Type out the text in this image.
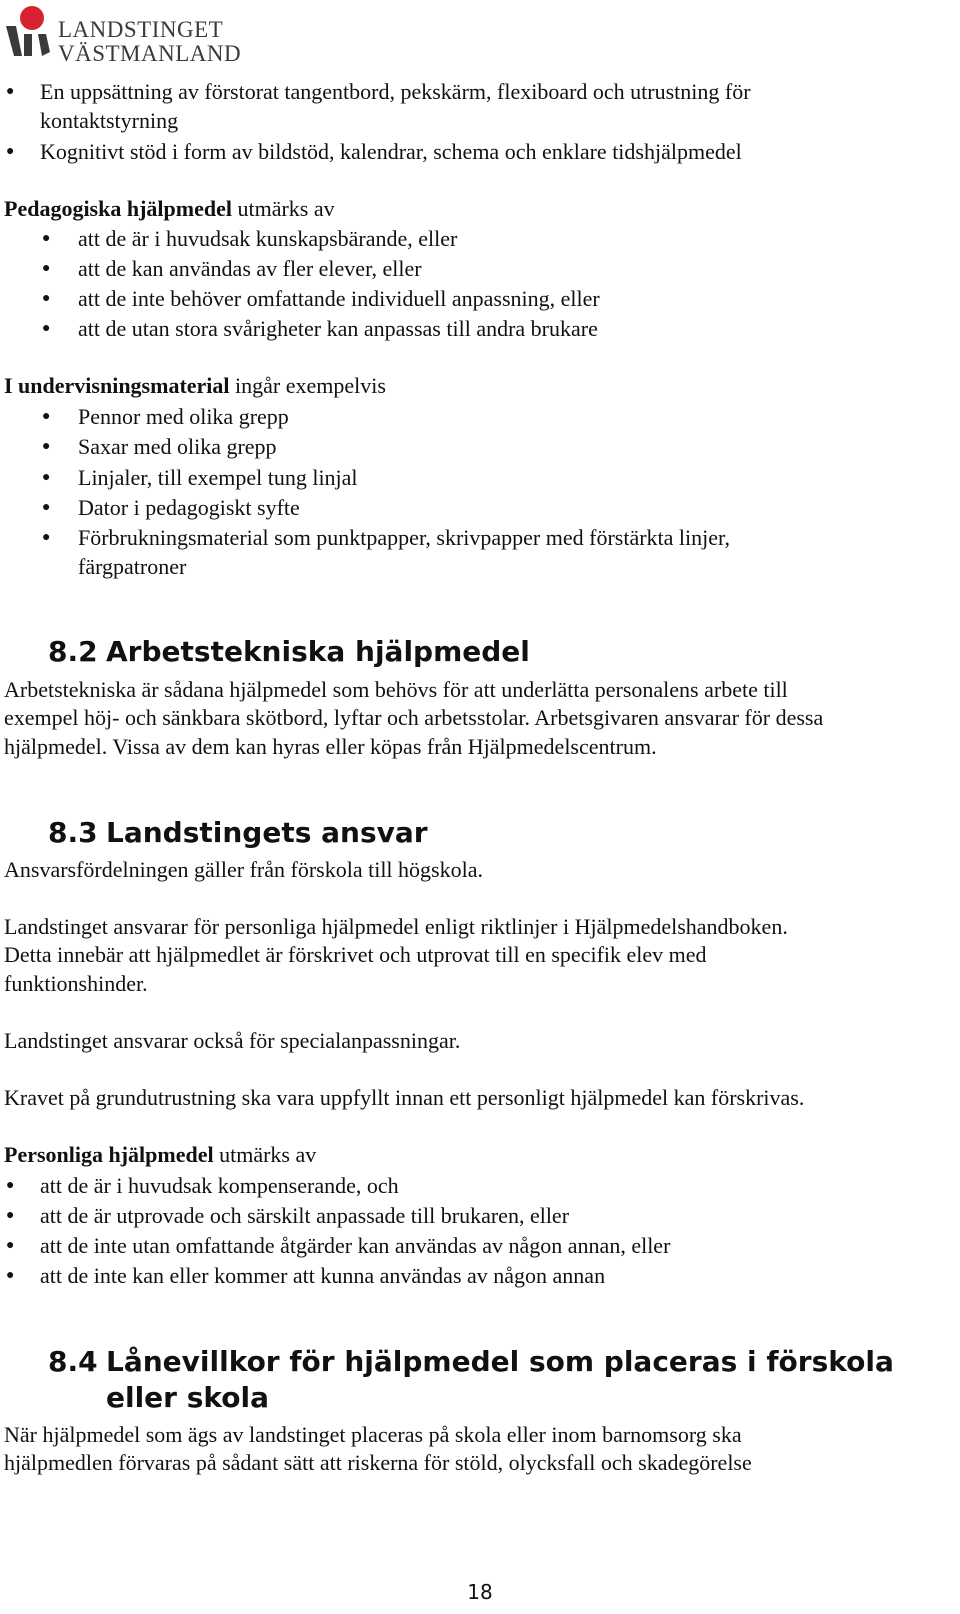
LANDSTINGET
VÄSTMANLAND
● En uppsättning av förstorat tangentbord, pekskärm, flexiboard och utrustning för
kontaktstyrning
● Kognitivt stöd i form av bildstöd, kalendrar, schema och enklare tidshjälpmedel
Pedagogiska hjälpmedel utmärks av
● att de är i huvudsak kunskapsbärande, eller
● att de kan användas av fler elever, eller
● att de inte behöver omfattande individuell anpassning, eller
● att de utan stora svårigheter kan anpassas till andra brukare
I undervisningsmaterial ingår exempelvis
● Pennor med olika grepp
● Saxar med olika grepp
● Linjaler, till exempel tung linjal
● Dator i pedagogiskt syfte
● Förbrukningsmaterial som punktpapper, skrivpapper med förstärkta linjer,
färgpatroner
8.2 Arbetstekniska hjälpmedel
Arbetstekniska är sådana hjälpmedel som behövs för att underlätta personalens arbete till
exempel höj- och sänkbara skötbord, lyftar och arbetsstolar. Arbetsgivaren ansvarar för dessa
hjälpmedel. Vissa av dem kan hyras eller köpas från Hjälpmedelscentrum.
8.3 Landstingets ansvar
Ansvarsfördelningen gäller från förskola till högskola.
Landstinget ansvarar för personliga hjälpmedel enligt riktlinjer i Hjälpmedelshandboken.
Detta innebär att hjälpmedlet är förskrivet och utprovat till en specifik elev med
funktionshinder.
Landstinget ansvarar också för specialanpassningar.
Kravet på grundutrustning ska vara uppfyllt innan ett personligt hjälpmedel kan förskrivas.
Personliga hjälpmedel utmärks av
● att de är i huvudsak kompenserande, och
● att de är utprovade och särskilt anpassade till brukaren, eller
● att de inte utan omfattande åtgärder kan användas av någon annan, eller
● att de inte kan eller kommer att kunna användas av någon annan
8.4 Lånevillkor för hjälpmedel som placeras i förskola
eller skola
När hjälpmedel som ägs av landstinget placeras på skola eller inom barnomsorg ska
hjälpmedlen förvaras på sådant sätt att riskerna för stöld, olycksfall och skadegörelse
18
